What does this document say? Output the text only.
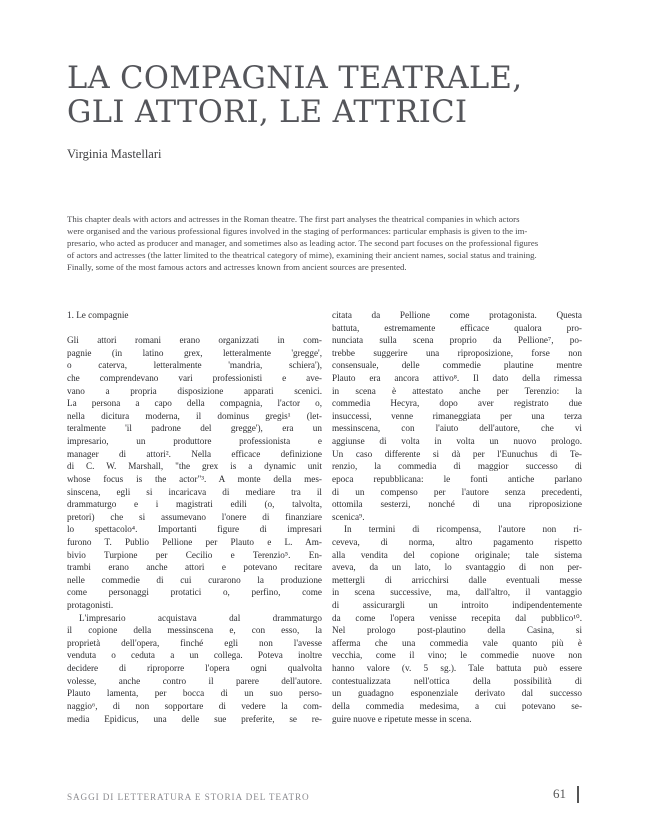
LA COMPAGNIA TEATRALE,
GLI ATTORI, LE ATTRICI
Virginia Mastellari
This chapter deals with actors and actresses in the Roman theatre. The first part analyses the theatrical companies in which actors
were organised and the various professional figures involved in the staging of performances: particular emphasis is given to the im-
presario, who acted as producer and manager, and sometimes also as leading actor. The second part focuses on the professional figures
of actors and actresses (the latter limited to the theatrical category of mime), examining their ancient names, social status and training.
Finally, some of the most famous actors and actresses known from ancient sources are presented.
1. Le compagnie
Gli attori romani erano organizzati in com-
pagnie (in latino grex, letteralmente 'gregge',
o caterva, letteralmente 'mandria, schiera'),
che comprendevano vari professionisti e ave-
vano a propria disposizione apparati scenici.
La persona a capo della compagnia, l'actor o,
nella dicitura moderna, il dominus gregis¹ (let-
teralmente 'il padrone del gregge'), era un
impresario, un produttore professionista e
manager di attori². Nella efficace definizione
di C. W. Marshall, "the grex is a dynamic unit
whose focus is the actor"³. A monte della mes-
sinscena, egli si incaricava di mediare tra il
drammaturgo e i magistrati edili (o, talvolta,
pretori) che si assumevano l'onere di finanziare
lo spettacolo⁴. Importanti figure di impresari
furono T. Publio Pellione per Plauto e L. Am-
bivio Turpione per Cecilio e Terenzio⁵. En-
trambi erano anche attori e potevano recitare
nelle commedie di cui curarono la produzione
come personaggi protatici o, perfino, come
protagonisti.
L'impresario acquistava dal drammaturgo
il copione della messinscena e, con esso, la
proprietà dell'opera, finché egli non l'avesse
venduta o ceduta a un collega. Poteva inoltre
decidere di riproporre l'opera ogni qualvolta
volesse, anche contro il parere dell'autore.
Plauto lamenta, per bocca di un suo perso-
naggio⁶, di non sopportare di vedere la com-
media Epidicus, una delle sue preferite, se re-
citata da Pellione come protagonista. Questa
battuta, estremamente efficace qualora pro-
nunciata sulla scena proprio da Pellione⁷, po-
trebbe suggerire una riproposizione, forse non
consensuale, delle commedie plautine mentre
Plauto era ancora attivo⁸. Il dato della rimessa
in scena è attestato anche per Terenzio: la
commedia Hecyra, dopo aver registrato due
insuccessi, venne rimaneggiata per una terza
messinscena, con l'aiuto dell'autore, che vi
aggiunse di volta in volta un nuovo prologo.
Un caso differente si dà per l'Eunuchus di Te-
renzio, la commedia di maggior successo di
epoca repubblicana: le fonti antiche parlano
di un compenso per l'autore senza precedenti,
ottomila sesterzi, nonché di una riproposizione
scenica⁹.
In termini di ricompensa, l'autore non ri-
ceveva, di norma, altro pagamento rispetto
alla vendita del copione originale; tale sistema
aveva, da un lato, lo svantaggio di non per-
mettergli di arricchirsi dalle eventuali messe
in scena successive, ma, dall'altro, il vantaggio
di assicurargli un introito indipendentemente
da come l'opera venisse recepita dal pubblico¹⁰.
Nel prologo post-plautino della Casina, si
afferma che una commedia vale quanto più è
vecchia, come il vino; le commedie nuove non
hanno valore (v. 5 sg.). Tale battuta può essere
contestualizzata nell'ottica della possibilità di
un guadagno esponenziale derivato dal successo
della commedia medesima, a cui potevano se-
guire nuove e ripetute messe in scena.
SAGGI DI LETTERATURA E STORIA DEL TEATRO	61
